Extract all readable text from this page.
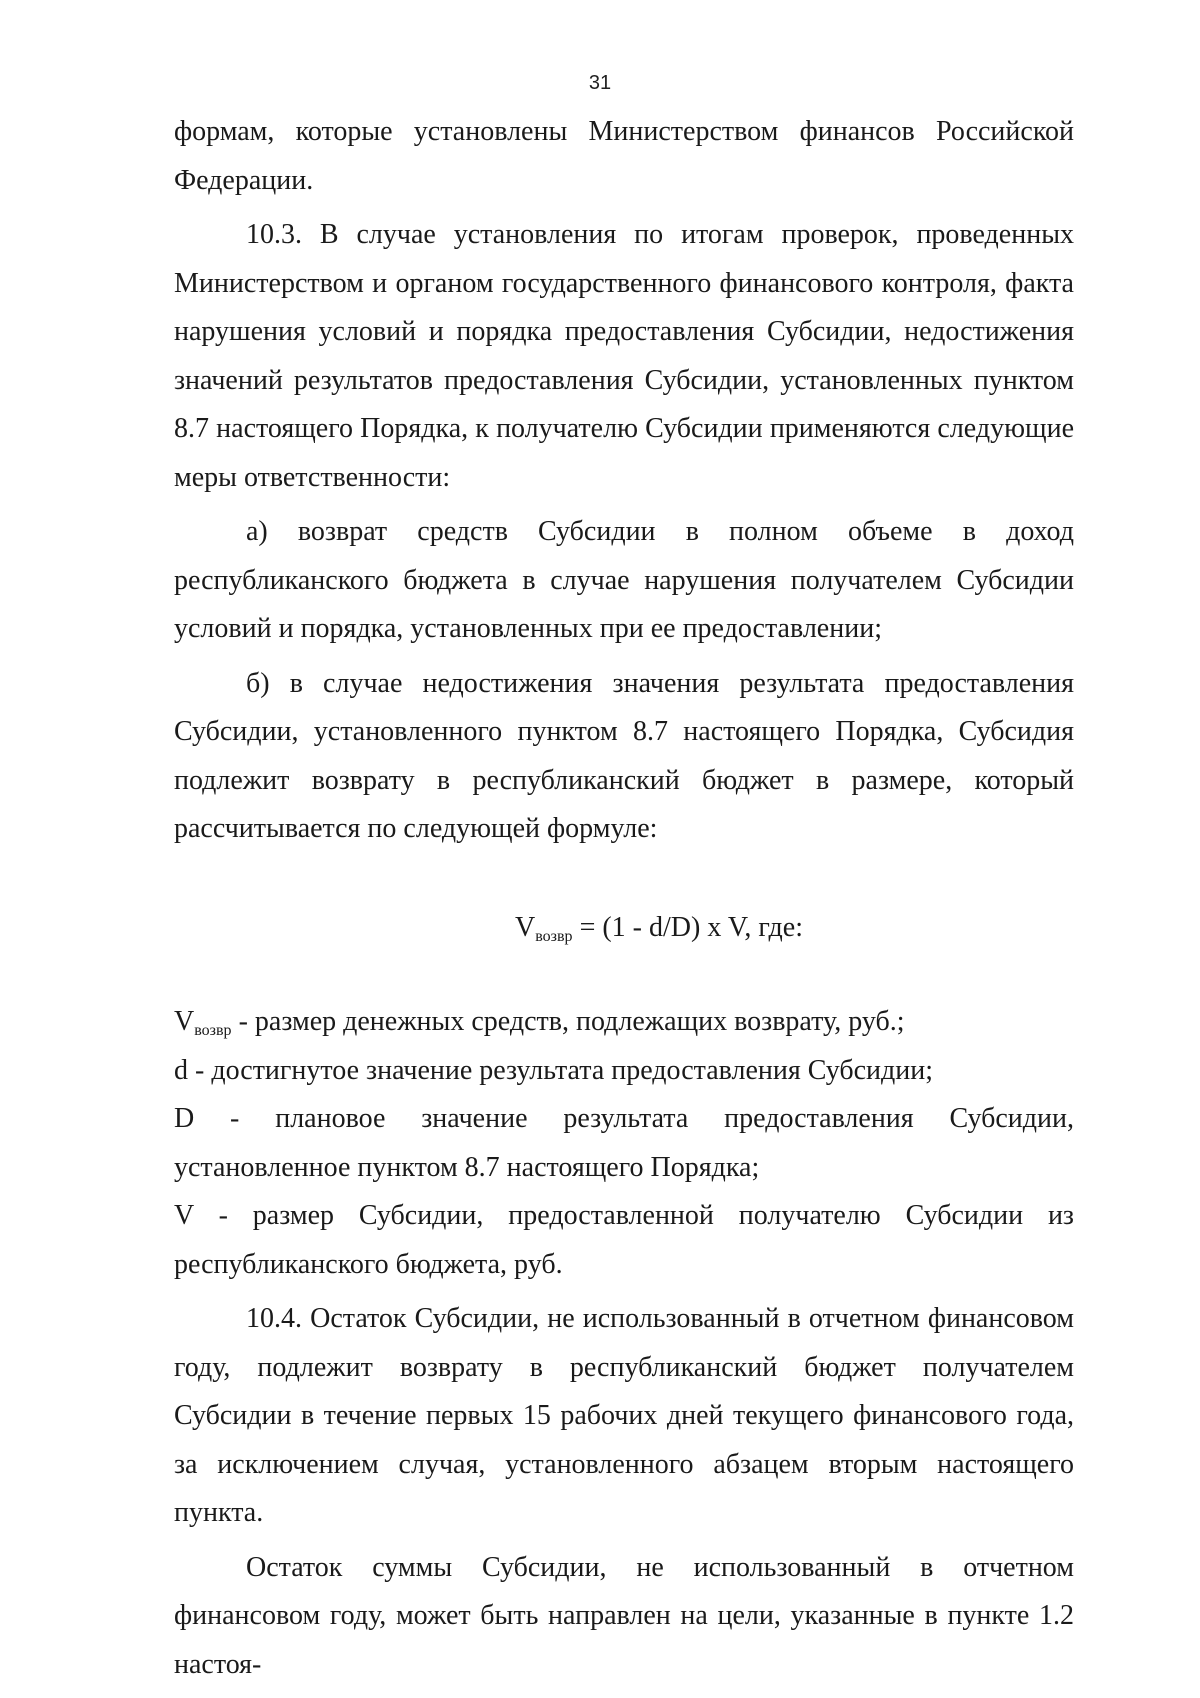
31

формам, которые установлены Министерством финансов Российской Федерации.

10.3. В случае установления по итогам проверок, проведенных Министерством и органом государственного финансового контроля, факта нарушения условий и порядка предоставления Субсидии, недостижения значений результатов предоставления Субсидии, установленных пунктом 8.7 настоящего Порядка, к получателю Субсидии применяются следующие меры ответственности:

а) возврат средств Субсидии в полном объеме в доход республиканского бюджета в случае нарушения получателем Субсидии условий и порядка, установленных при ее предоставлении;

б) в случае недостижения значения результата предоставления Субсидии, установленного пунктом 8.7 настоящего Порядка, Субсидия подлежит возврату в республиканский бюджет в размере, который рассчитывается по следующей формуле:

$V_{возвр} = (1 - d/D)$ x V, где:

$V_{возвр}$ - размер денежных средств, подлежащих возврату, руб.;

d - достигнутое значение результата предоставления Субсидии;

D - плановое значение результата предоставления Субсидии, установленное пунктом 8.7 настоящего Порядка;

V - размер Субсидии, предоставленной получателю Субсидии из республиканского бюджета, руб.

10.4. Остаток Субсидии, не использованный в отчетном финансовом году, подлежит возврату в республиканский бюджет получателем Субсидии в течение первых 15 рабочих дней текущего финансового года, за исключением случая, установленного абзацем вторым настоящего пункта.

Остаток суммы Субсидии, не использованный в отчетном финансовом году, может быть направлен на цели, указанные в пункте 1.2 настоя-
